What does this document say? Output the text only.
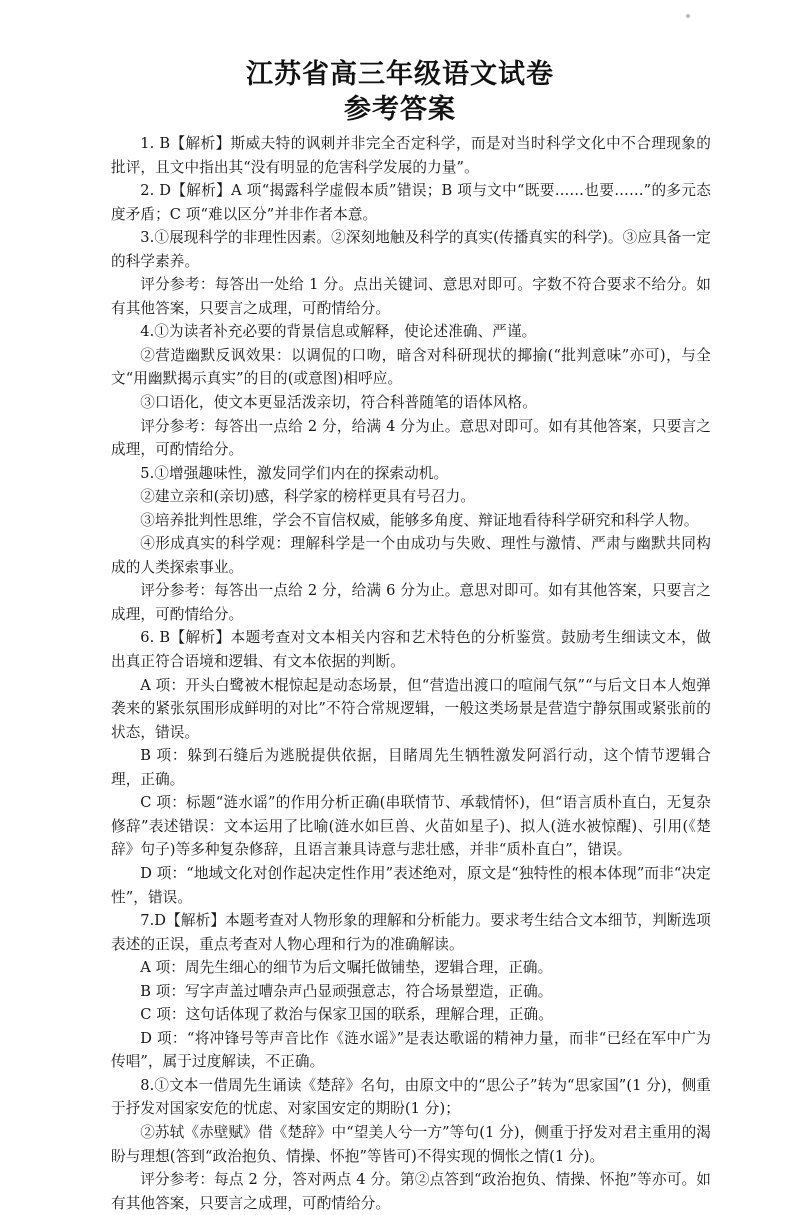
江苏省高三年级语文试卷
参考答案
1. B【解析】斯威夫特的讽刺并非完全否定科学，而是对当时科学文化中不合理现象的批评，且文中指出其“没有明显的危害科学发展的力量”。
2. D【解析】A 项“揭露科学虚假本质”错误；B 项与文中“既要……也要……”的多元态度矛盾；C 项“难以区分”并非作者本意。
3.①展现科学的非理性因素。②深刻地触及科学的真实(传播真实的科学)。③应具备一定的科学素养。
评分参考：每答出一处给 1 分。点出关键词、意思对即可。字数不符合要求不给分。如有其他答案，只要言之成理，可酌情给分。
4.①为读者补充必要的背景信息或解释，使论述准确、严谨。
②营造幽默反讽效果：以调侃的口吻，暗含对科研现状的揶揄(“批判意味”亦可)，与全文“用幽默揭示真实”的目的(或意图)相呼应。
③口语化，使文本更显活泼亲切，符合科普随笔的语体风格。
评分参考：每答出一点给 2 分，给满 4 分为止。意思对即可。如有其他答案，只要言之成理，可酌情给分。
5.①增强趣味性，激发同学们内在的探索动机。
②建立亲和(亲切)感，科学家的榜样更具有号召力。
③培养批判性思维，学会不盲信权威，能够多角度、辩证地看待科学研究和科学人物。
④形成真实的科学观：理解科学是一个由成功与失败、理性与激情、严肃与幽默共同构成的人类探索事业。
评分参考：每答出一点给 2 分，给满 6 分为止。意思对即可。如有其他答案，只要言之成理，可酌情给分。
6. B【解析】本题考查对文本相关内容和艺术特色的分析鉴赏。鼓励考生细读文本，做出真正符合语境和逻辑、有文本依据的判断。
A 项：开头白鹭被木棍惊起是动态场景，但“营造出渡口的喧闹气氛”“与后文日本人炮弹袭来的紧张氛围形成鲜明的对比”不符合常规逻辑，一般这类场景是营造宁静氛围或紧张前的状态，错误。
B 项：躲到石缝后为逃脱提供依据，目睹周先生牺牲激发阿滔行动，这个情节逻辑合理，正确。
C 项：标题“涟水谣”的作用分析正确(串联情节、承载情怀)，但“语言质朴直白，无复杂修辞”表述错误：文本运用了比喻(涟水如巨兽、火苗如星子)、拟人(涟水被惊醒)、引用(《楚辞》句子)等多种复杂修辞，且语言兼具诗意与悲壮感，并非“质朴直白”，错误。
D 项：“地域文化对创作起决定性作用”表述绝对，原文是“独特性的根本体现”而非“决定性”，错误。
7.D【解析】本题考查对人物形象的理解和分析能力。要求考生结合文本细节，判断选项表述的正误，重点考查对人物心理和行为的准确解读。
A 项：周先生细心的细节为后文嘱托做铺垫，逻辑合理，正确。
B 项：写字声盖过嘈杂声凸显顽强意志，符合场景塑造，正确。
C 项：这句话体现了救治与保家卫国的联系，理解合理，正确。
D 项：“将冲锋号等声音比作《涟水谣》”是表达歌谣的精神力量，而非“已经在军中广为传唱”，属于过度解读，不正确。
8.①文本一借周先生诵读《楚辞》名句，由原文中的“思公子”转为“思家国”(1 分)，侧重于抒发对国家安危的忧虑、对家国安定的期盼(1 分)；
②苏轼《赤壁赋》借《楚辞》中“望美人兮一方”等句(1 分)，侧重于抒发对君主重用的渴盼与理想(答到“政治抱负、情操、怀抱”等皆可)不得实现的惆怅之情(1 分)。
评分参考：每点 2 分，答对两点 4 分。第②点答到“政治抱负、情操、怀抱”等亦可。如有其他答案，只要言之成理，可酌情给分。
